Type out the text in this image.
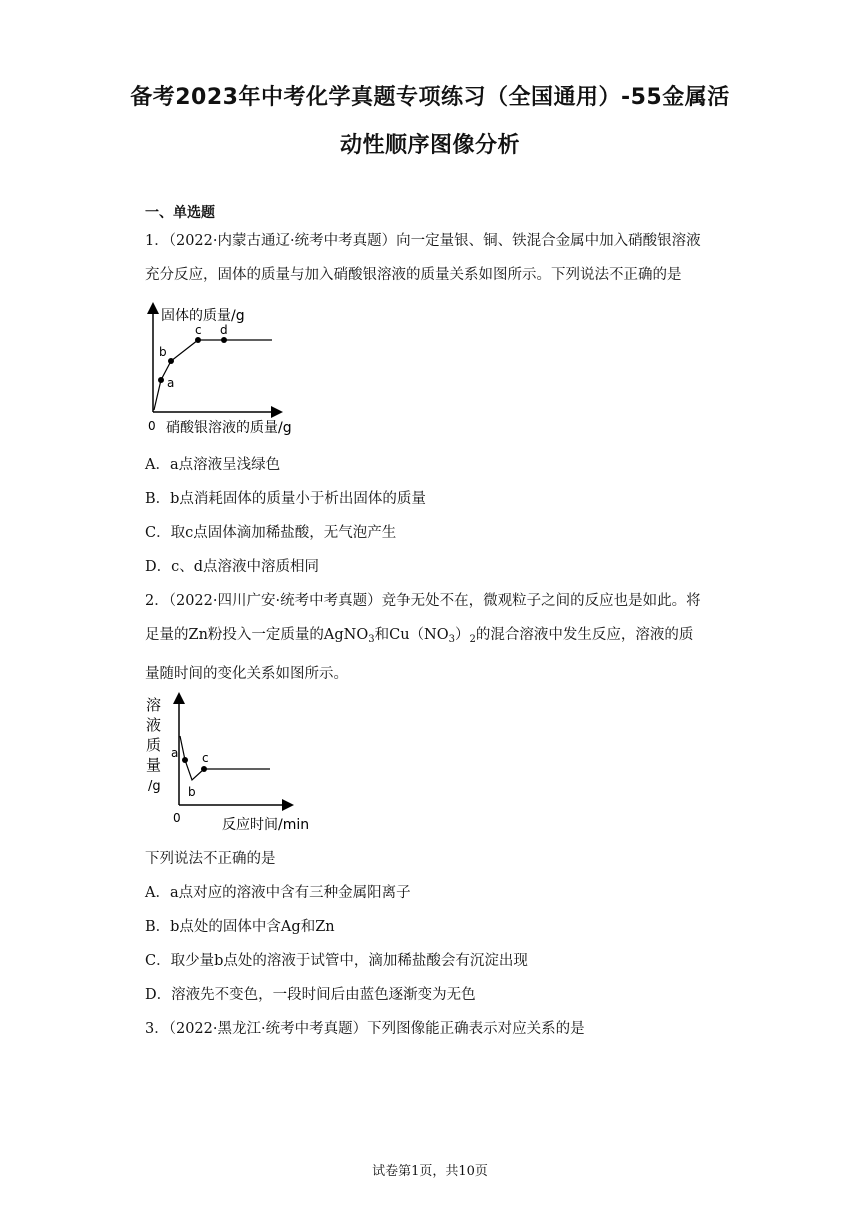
备考2023年中考化学真题专项练习（全国通用）-55金属活
动性顺序图像分析
一、单选题
1．（2022·内蒙古通辽·统考中考真题）向一定量银、铜、铁混合金属中加入硝酸银溶液
充分反应，固体的质量与加入硝酸银溶液的质量关系如图所示。下列说法不正确的是
固体的质量/g
a
b
c d
0 硝酸银溶液的质量/g
A．a点溶液呈浅绿色
B．b点消耗固体的质量小于析出固体的质量
C．取c点固体滴加稀盐酸，无气泡产生
D．c、d点溶液中溶质相同
2．（2022·四川广安·统考中考真题）竞争无处不在，微观粒子之间的反应也是如此。将
足量的Zn粉投入一定质量的AgNO$_3$和$Cu(NO_3)_2$的混合溶液中发生反应，溶液的质
量随时间的变化关系如图所示。
溶
液
质
量
/g
a
b
c
0	反应时间/min
下列说法不正确的是
A．a点对应的溶液中含有三种金属阳离子
B．b点处的固体中含Ag和Zn
C．取少量b点处的溶液于试管中，滴加稀盐酸会有沉淀出现
D．溶液先不变色，一段时间后由蓝色逐渐变为无色
3．（2022·黑龙江·统考中考真题）下列图像能正确表示对应关系的是
试卷第1页，共10页
